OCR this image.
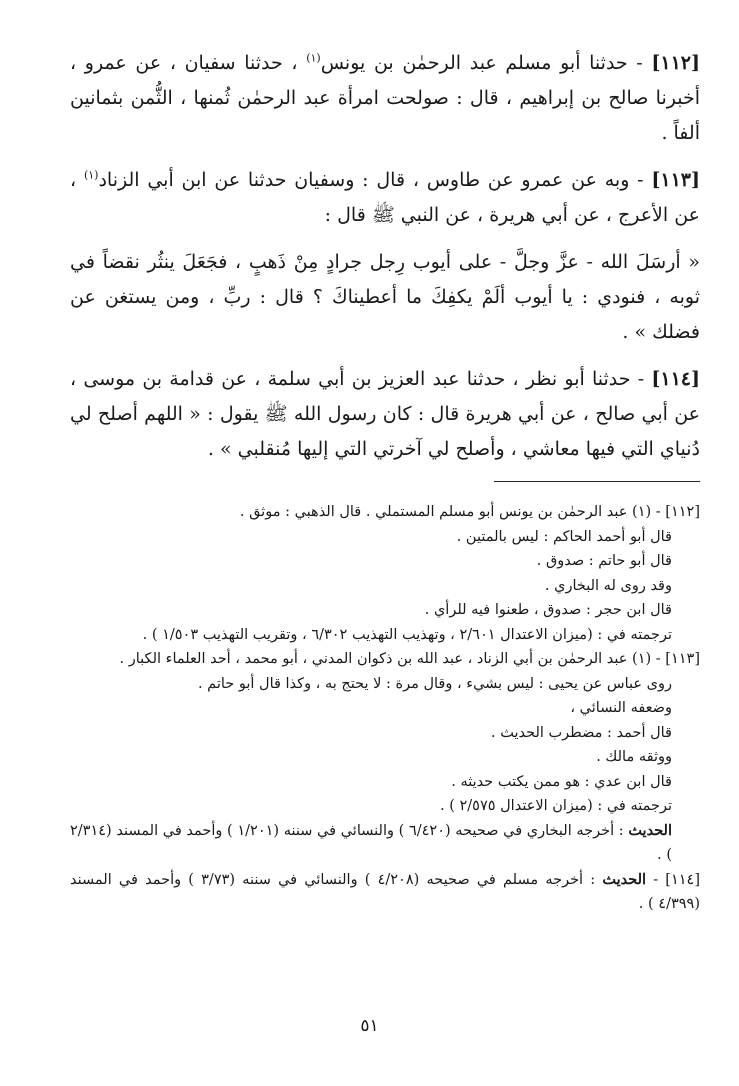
[١١٢] - حدثنا أبو مسلم عبد الرحمٰن بن يونس$^{(١)}$ ، حدثنا سفيان ، عن عمرو ، أخبرنا صالح بن إبراهيم ، قال : صولحت امرأة عبد الرحمٰن ثُمنها ، الثُّمن بثمانين ألفاً .

[١١٣] - وبه عن عمرو عن طاوس ، قال : وسفيان حدثنا عن ابن أبي الزناد$^{(١)}$ ، عن الأعرج ، عن أبي هريرة ، عن النبي ﷺ قال :

« أرسَلَ الله - عزَّ وجلَّ - على أيوب رِجل جرادٍ مِنْ ذَهبٍ ، فجَعَلَ ينثُر نقضاً في ثوبه ، فنودي : يا أيوب ألَمْ يكفِكَ ما أعطيناكَ ؟ قال : ربِّ ، ومن يستغن عن فضلك » .

[١١٤] - حدثنا أبو نظر ، حدثنا عبد العزيز بن أبي سلمة ، عن قدامة بن موسى ، عن أبي صالح ، عن أبي هريرة قال : كان رسول الله ﷺ يقول : « اللهم أصلح لي دُنياي التي فيها معاشي ، وأصلح لي آخرتي التي إليها مُنقلبي » .

[١١٢] - (١) عبد الرحمٰن بن يونس أبو مسلم المستملي . قال الذهبي : موثق .

قال أبو أحمد الحاكم : ليس بالمتين .

قال أبو حاتم : صدوق .

وقد روى له البخاري .

قال ابن حجر : صدوق ، طعنوا فيه للرأي .

ترجمته في : (ميزان الاعتدال ٢/٦٠١ ، وتهذيب التهذيب ٦/٣٠٢ ، وتقريب التهذيب ١/٥٠٣ ) .

[١١٣] - (١) عبد الرحمٰن بن أبي الزناد ، عبد الله بن ذكوان المدني ، أبو محمد ، أحد العلماء الكبار .

روى عباس عن يحيى : ليس بشيء ، وقال مرة : لا يحتج به ، وكذا قال أبو حاتم .

وضعفه النسائي ،

قال أحمد : مضطرب الحديث .

ووثقه مالك .

قال ابن عدي : هو ممن يكتب حديثه .

ترجمته في : (ميزان الاعتدال ٢/٥٧٥ ) .

الحديث : أخرجه البخاري في صحيحه (٦/٤٢٠ ) والنسائي في سننه (١/٢٠١ ) وأحمد في المسند (٢/٣١٤ ) .

[١١٤] - الحديث : أخرجه مسلم في صحيحه (٤/٢٠٨ ) والنسائي في سننه (٣/٧٣ ) وأحمد في المسند (٤/٣٩٩ ) .

٥١
